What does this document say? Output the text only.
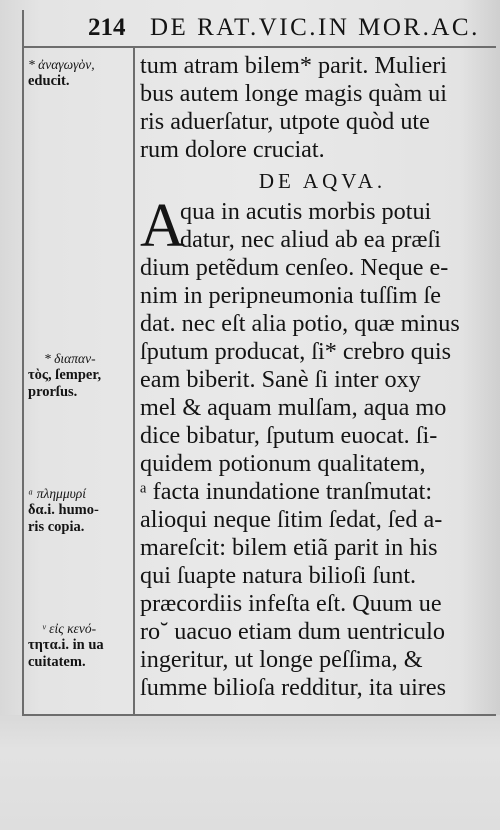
214 DE RAT.VIC.IN MOR.AC.
* ἀναγωγὸν,
educit.
* διαπαν-
τὸς, ſemper,
prorſus.
ᵃ πλημμυρί
δα.i. humo-
ris copia.
ᵛ εἰς κενό-
τητα.i. in ua
cuitatem.
tum atram bilem* parit. Mulieri
bus autem longe magis quàm ui
ris aduerſatur, utpote quòd ute
rum dolore cruciat.
DE AQVA.
A
qua in acutis morbis potui
datur, nec aliud ab ea præſi
dium petẽdum cenſeo. Neque e-
nim in peripneumonia tuſſim ſe
dat. nec eſt alia potio, quæ minus
ſputum producat, ſi* crebro quis
eam biberit. Sanè ſi inter oxy
mel & aquam mulſam, aqua mo
dice bibatur, ſputum euocat. ſi-
quidem potionum qualitatem,
ᵃ facta inundatione tranſmutat:
alioqui neque ſitim ſedat, ſed a-
mareſcit: bilem etiã parit in his
qui ſuapte natura bilioſi ſunt.
præcordiis infeſta eſt. Quum ue
ro˘ uacuo etiam dum uentriculo
ingeritur, ut longe peſſima, &
ſumme bilioſa redditur, ita uires
